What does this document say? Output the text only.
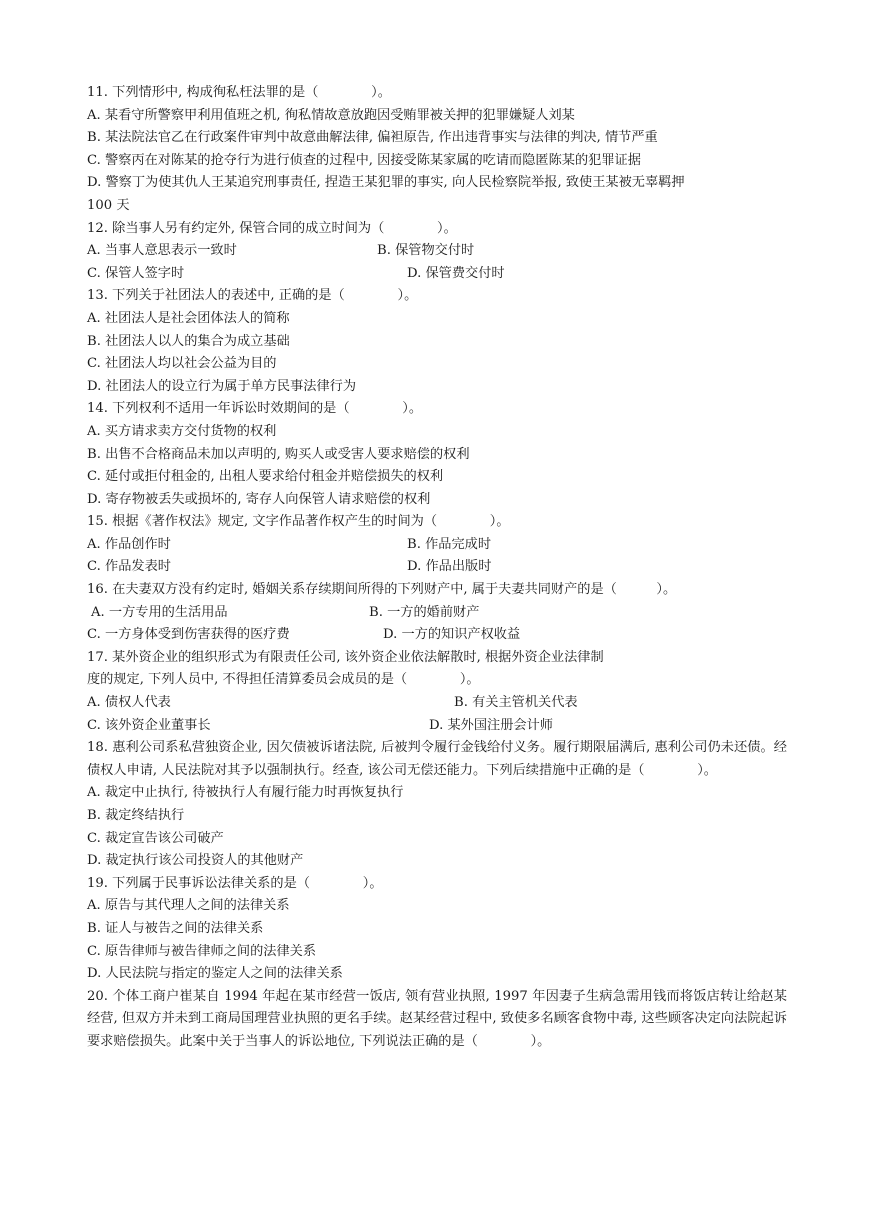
11. 下列情形中, 构成徇私枉法罪的是（　　　　）。
A. 某看守所警察甲利用值班之机, 徇私情故意放跑因受贿罪被关押的犯罪嫌疑人刘某
B. 某法院法官乙在行政案件审判中故意曲解法律, 偏袒原告, 作出违背事实与法律的判决, 情节严重
C. 警察丙在对陈某的抢夺行为进行侦查的过程中, 因接受陈某家属的吃请而隐匿陈某的犯罪证据
D. 警察丁为使其仇人王某追究刑事责任, 捏造王某犯罪的事实, 向人民检察院举报, 致使王某被无辜羁押
100 天
12. 除当事人另有约定外, 保管合同的成立时间为（　　　　）。
A. 当事人意思表示一致时	B. 保管物交付时
C. 保管人签字时	D. 保管费交付时
13. 下列关于社团法人的表述中, 正确的是（　　　　）。
A. 社团法人是社会团体法人的简称
B. 社团法人以人的集合为成立基础
C. 社团法人均以社会公益为目的
D. 社团法人的设立行为属于单方民事法律行为
14. 下列权利不适用一年诉讼时效期间的是（　　　　）。
A. 买方请求卖方交付货物的权利
B. 出售不合格商品未加以声明的, 购买人或受害人要求赔偿的权利
C. 延付或拒付租金的, 出租人要求给付租金并赔偿损失的权利
D. 寄存物被丢失或损坏的, 寄存人向保管人请求赔偿的权利
15. 根据《著作权法》规定, 文字作品著作权产生的时间为（　　　　）。
A. 作品创作时	B. 作品完成时
C. 作品发表时	D. 作品出版时
16. 在夫妻双方没有约定时, 婚姻关系存续期间所得的下列财产中, 属于夫妻共同财产的是（　　　）。
A. 一方专用的生活用品	B. 一方的婚前财产
C. 一方身体受到伤害获得的医疗费	D. 一方的知识产权收益
17. 某外资企业的组织形式为有限责任公司, 该外资企业依法解散时, 根据外资企业法律制
度的规定, 下列人员中, 不得担任清算委员会成员的是（　　　　）。
A. 债权人代表	B. 有关主管机关代表
C. 该外资企业董事长	D. 某外国注册会计师
18. 惠利公司系私营独资企业, 因欠债被诉诸法院, 后被判令履行金钱给付义务。履行期限届满后, 惠利公司仍未还债。经债权人申请, 人民法院对其予以强制执行。经查, 该公司无偿还能力。下列后续措施中正确的是（　　　　）。
A. 裁定中止执行, 待被执行人有履行能力时再恢复执行
B. 裁定终结执行
C. 裁定宣告该公司破产
D. 裁定执行该公司投资人的其他财产
19. 下列属于民事诉讼法律关系的是（　　　　）。
A. 原告与其代理人之间的法律关系
B. 证人与被告之间的法律关系
C. 原告律师与被告律师之间的法律关系
D. 人民法院与指定的鉴定人之间的法律关系
20. 个体工商户崔某自 1994 年起在某市经营一饭店, 领有营业执照, 1997 年因妻子生病急需用钱而将饭店转让给赵某经营, 但双方并未到工商局国理营业执照的更名手续。赵某经营过程中, 致使多名顾客食物中毒, 这些顾客决定向法院起诉要求赔偿损失。此案中关于当事人的诉讼地位, 下列说法正确的是（　　　　）。
